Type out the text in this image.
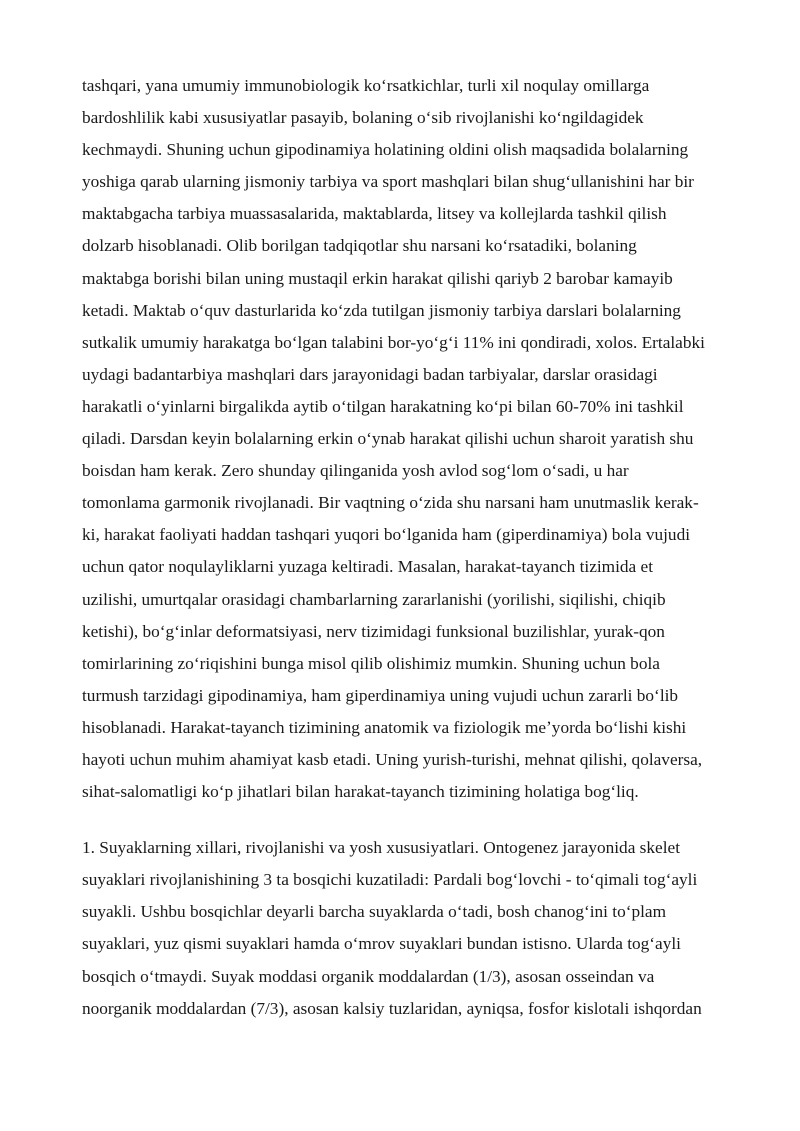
tashqari, yana umumiy immunobiologik koʻrsatkichlar, turli xil noqulay omillarga
bardoshlilik kabi xususiyatlar pasayib, bolaning oʻsib rivojlanishi koʻngildagidek
kechmaydi. Shuning uchun gipodinamiya holatining oldini olish maqsadida bolalarning
yoshiga qarab ularning jismoniy tarbiya va sport mashqlari bilan shugʻullanishini har bir
maktabgacha tarbiya muassasalarida, maktablarda, litsey va kollejlarda tashkil qilish
dolzarb hisoblanadi. Olib borilgan tadqiqotlar shu narsani koʻrsatadiki, bolaning
maktabga borishi bilan uning mustaqil erkin harakat qilishi qariyb 2 barobar kamayib
ketadi. Maktab oʻquv dasturlarida koʻzda tutilgan jismoniy tarbiya darslari bolalarning
sutkalik umumiy harakatga boʻlgan talabini bor-yoʻgʻi 11% ini qondiradi, xolos. Ertalabki
uydagi badantarbiya mashqlari dars jarayonidagi badan tarbiyalar, darslar orasidagi
harakatli oʻyinlarni birgalikda aytib oʻtilgan harakatning koʻpi bilan 60-70% ini tashkil
qiladi. Darsdan keyin bolalarning erkin oʻynab harakat qilishi uchun sharoit yaratish shu
boisdan ham kerak. Zero shunday qilinganida yosh avlod sogʻlom oʻsadi, u har
tomonlama garmonik rivojlanadi. Bir vaqtning oʻzida shu narsani ham unutmaslik kerak-
ki, harakat faoliyati haddan tashqari yuqori boʻlganida ham (giperdinamiya) bola vujudi
uchun qator noqulayliklarni yuzaga keltiradi. Masalan, harakat-tayanch tizimida et
uzilishi, umurtqalar orasidagi chambarlarning zararlanishi (yorilishi, siqilishi, chiqib
ketishi), boʻgʻinlar deformatsiyasi, nerv tizimidagi funksional buzilishlar, yurak-qon
tomirlarining zoʻriqishini bunga misol qilib olishimiz mumkin. Shuning uchun bola
turmush tarzidagi gipodinamiya, ham giperdinamiya uning vujudi uchun zararli boʻlib
hisoblanadi. Harakat-tayanch tizimining anatomik va fiziologik meʼyorda boʻlishi kishi
hayoti uchun muhim ahamiyat kasb etadi. Uning yurish-turishi, mehnat qilishi, qolaversa,
sihat-salomatligi koʻp jihatlari bilan harakat-tayanch tizimining holatiga bogʻliq.
1. Suyaklarning xillari, rivojlanishi va yosh xususiyatlari. Ontogenez jarayonida skelet
suyaklari rivojlanishining 3 ta bosqichi kuzatiladi: Pardali bogʻlovchi - toʻqimali togʻayli
suyakli. Ushbu bosqichlar deyarli barcha suyaklarda oʻtadi, bosh chanogʻini toʻplam
suyaklari, yuz qismi suyaklari hamda oʻmrov suyaklari bundan istisno. Ularda togʻayli
bosqich oʻtmaydi. Suyak moddasi organik moddalardan (1/3), asosan osseindan va
noorganik moddalardan (7/3), asosan kalsiy tuzlaridan, ayniqsa, fosfor kislotali ishqordan
